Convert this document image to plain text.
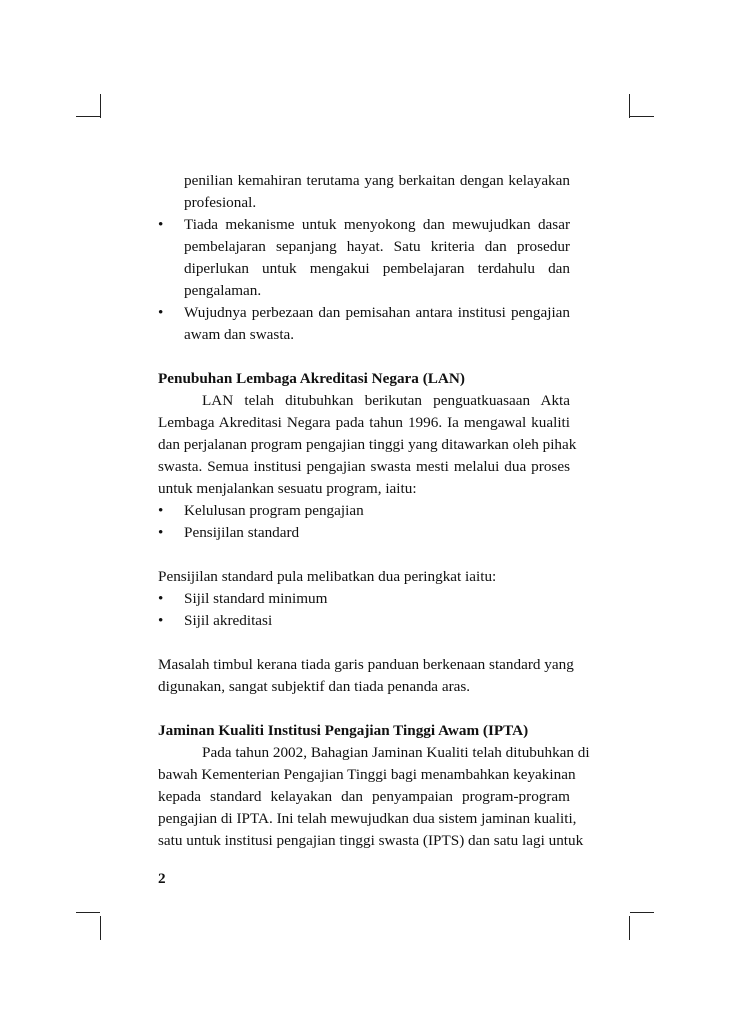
penilian kemahiran terutama yang berkaitan dengan kelayakan
profesional.
•	Tiada mekanisme untuk menyokong dan mewujudkan dasar
pembelajaran sepanjang hayat. Satu kriteria dan prosedur
diperlukan untuk mengakui pembelajaran terdahulu dan
pengalaman.
•	Wujudnya perbezaan dan pemisahan antara institusi pengajian
awam dan swasta.
Penubuhan Lembaga Akreditasi Negara (LAN)
LAN telah ditubuhkan berikutan penguatkuasaan Akta
Lembaga Akreditasi Negara pada tahun 1996. Ia mengawal kualiti
dan perjalanan program pengajian tinggi yang ditawarkan oleh pihak
swasta. Semua institusi pengajian swasta mesti melalui dua proses
untuk menjalankan sesuatu program, iaitu:
•	Kelulusan program pengajian
•	Pensijilan standard
Pensijilan standard pula melibatkan dua peringkat iaitu:
•	Sijil standard minimum
•	Sijil akreditasi
Masalah timbul kerana tiada garis panduan berkenaan standard yang
digunakan, sangat subjektif dan tiada penanda aras.
Jaminan Kualiti Institusi Pengajian Tinggi Awam (IPTA)
Pada tahun 2002, Bahagian Jaminan Kualiti telah ditubuhkan di
bawah Kementerian Pengajian Tinggi bagi menambahkan keyakinan
kepada standard kelayakan dan penyampaian program-program
pengajian di IPTA. Ini telah mewujudkan dua sistem jaminan kualiti,
satu untuk institusi pengajian tinggi swasta (IPTS) dan satu lagi untuk
2
